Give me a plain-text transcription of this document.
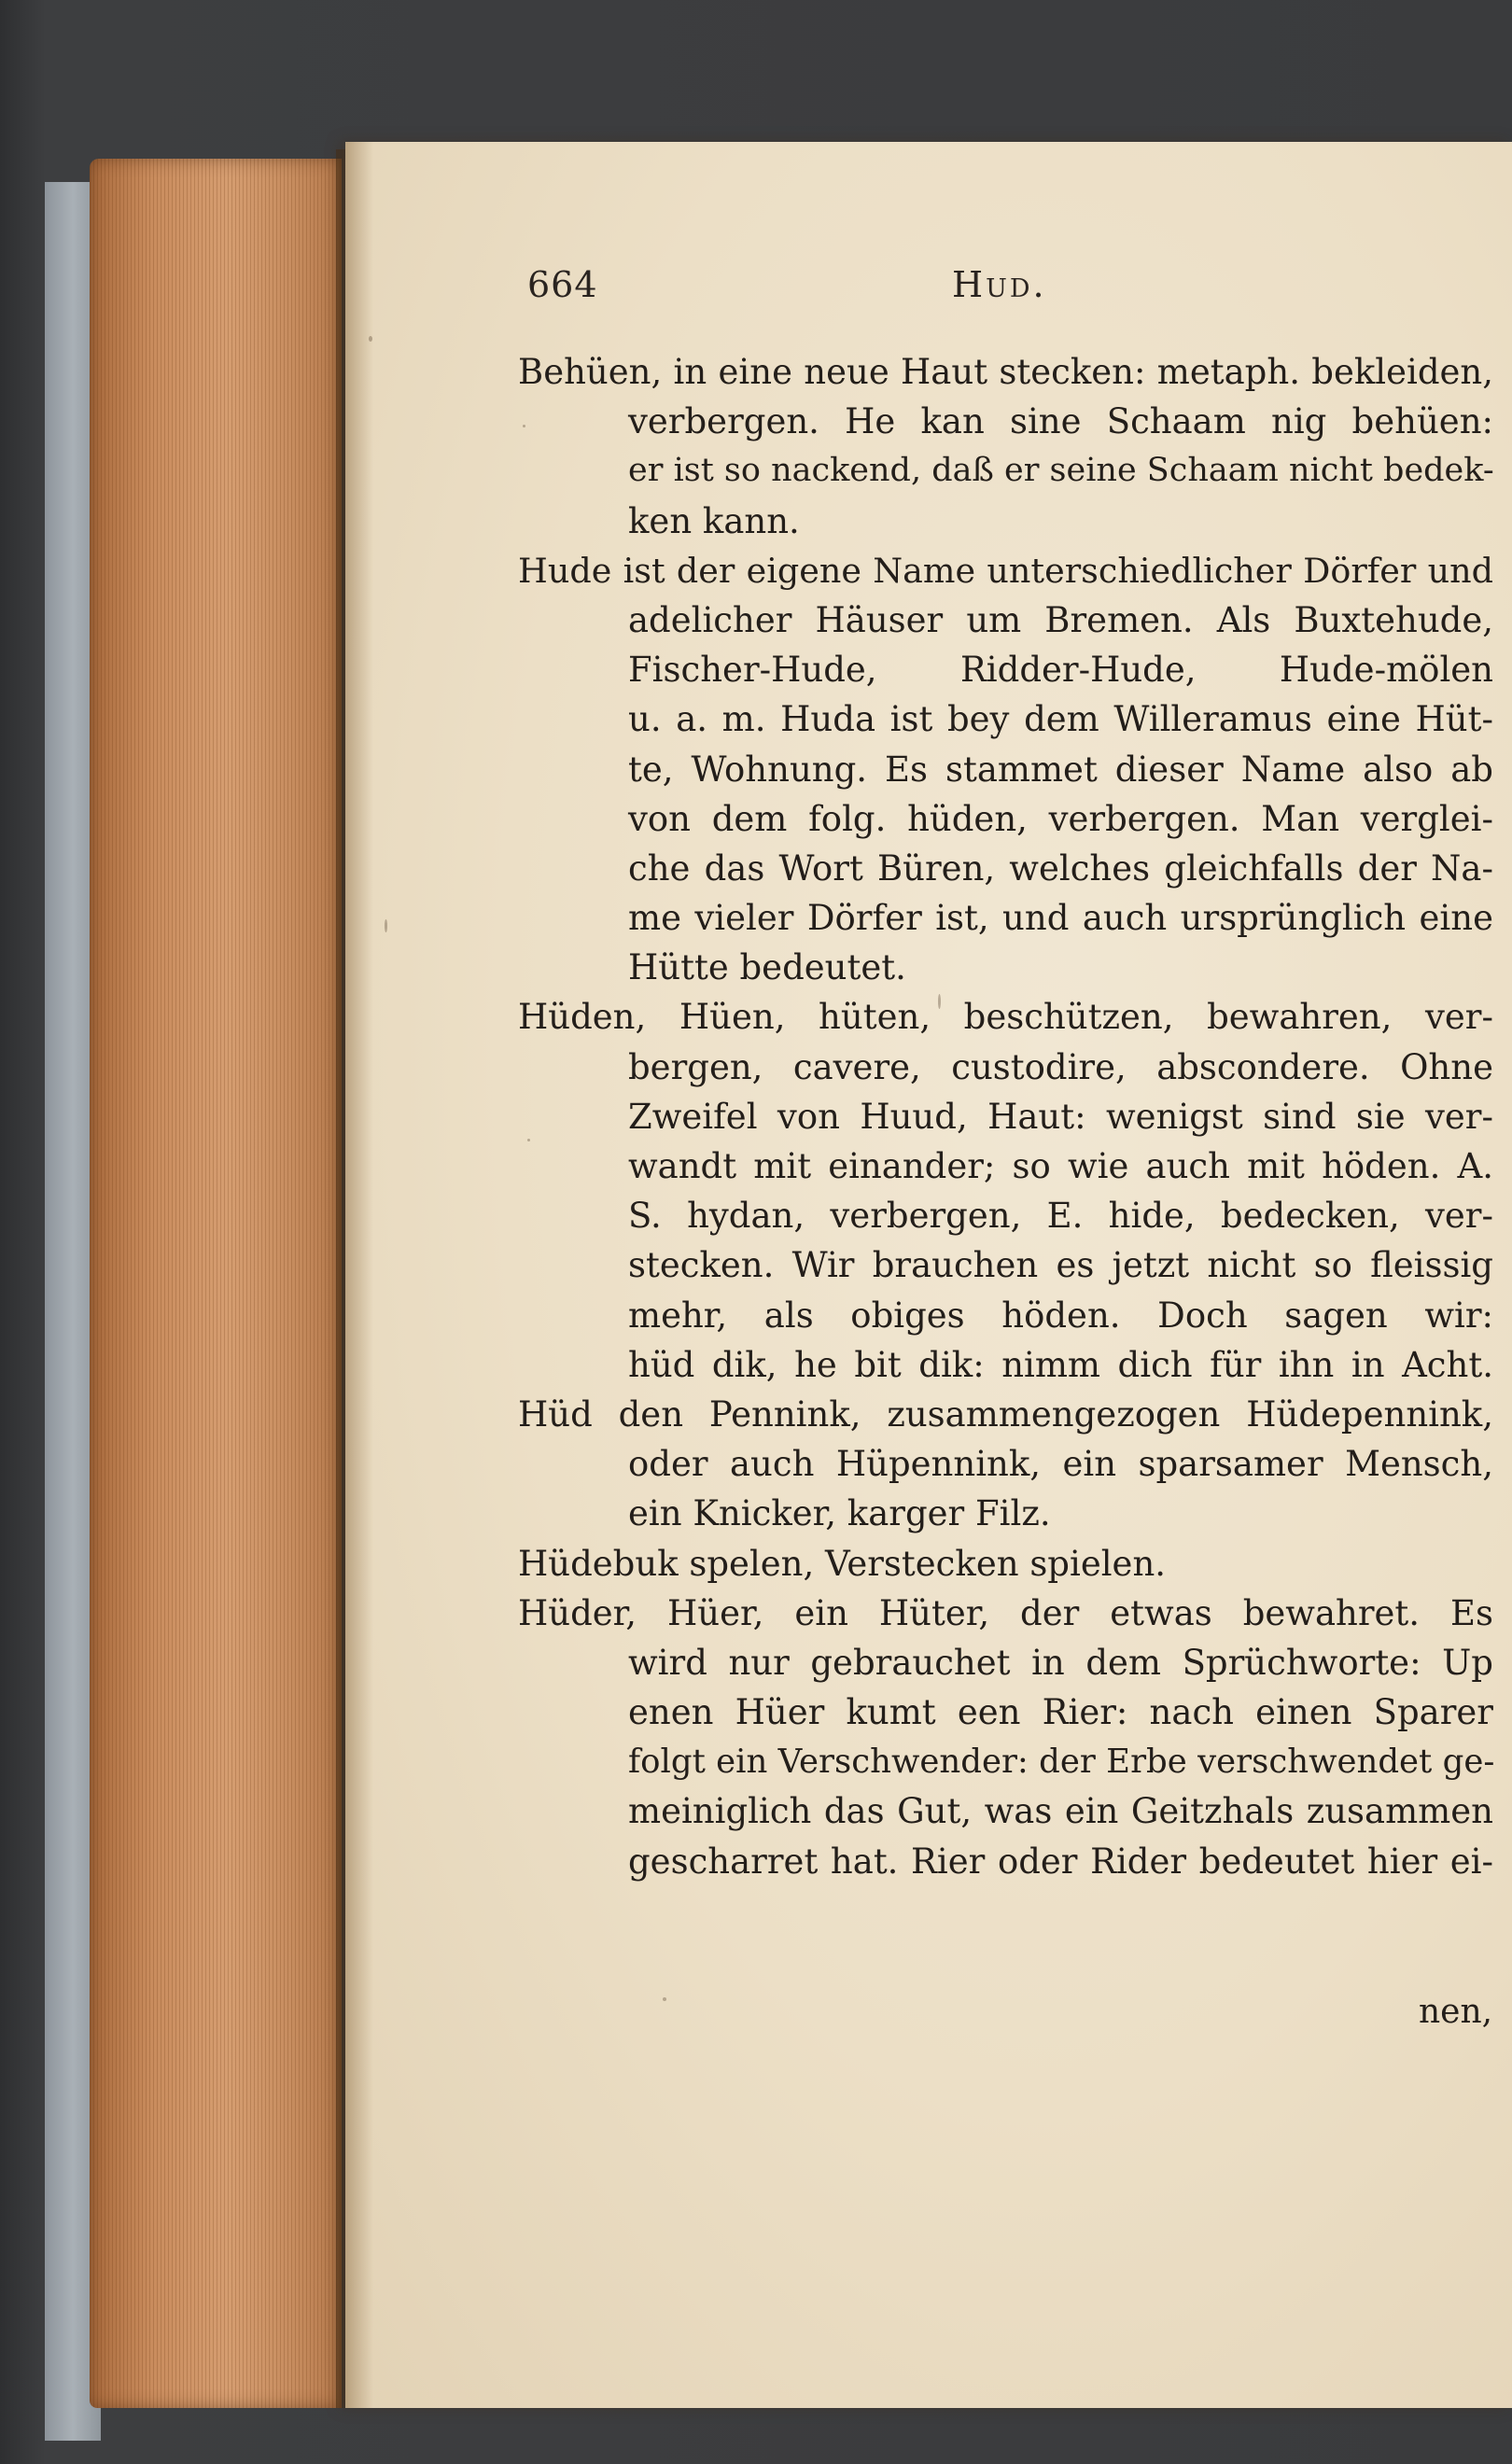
664	Hud.
Behüen, in eine neue Haut stecken: metaph. bekleiden,
verbergen. He kan sine Schaam nig behüen:
er ist so nackend, daß er seine Schaam nicht bedek-
ken kann.
Hude ist der eigene Name unterschiedlicher Dörfer und
adelicher Häuser um Bremen. Als Buxtehude,
Fischer-Hude, Ridder-Hude, Hude-mölen
u. a. m. Huda ist bey dem Willeramus eine Hüt-
te, Wohnung. Es stammet dieser Name also ab
von dem folg. hüden, verbergen. Man verglei-
che das Wort Büren, welches gleichfalls der Na-
me vieler Dörfer ist, und auch ursprünglich eine
Hütte bedeutet.
Hüden, Hüen, hüten, beschützen, bewahren, ver-
bergen, cavere, custodire, abscondere. Ohne
Zweifel von Huud, Haut: wenigst sind sie ver-
wandt mit einander; so wie auch mit höden. A.
S. hydan, verbergen, E. hide, bedecken, ver-
stecken. Wir brauchen es jetzt nicht so fleissig
mehr, als obiges höden. Doch sagen wir:
hüd dik, he bit dik: nimm dich für ihn in Acht.
Hüd den Pennink, zusammengezogen Hüdepennink,
oder auch Hüpennink, ein sparsamer Mensch,
ein Knicker, karger Filz.
Hüdebuk spelen, Verstecken spielen.
Hüder, Hüer, ein Hüter, der etwas bewahret. Es
wird nur gebrauchet in dem Sprüchworte: Up
enen Hüer kumt een Rier: nach einen Sparer
folgt ein Verschwender: der Erbe verschwendet ge-
meiniglich das Gut, was ein Geitzhals zusammen
gescharret hat. Rier oder Rider bedeutet hier ei-
nen,
